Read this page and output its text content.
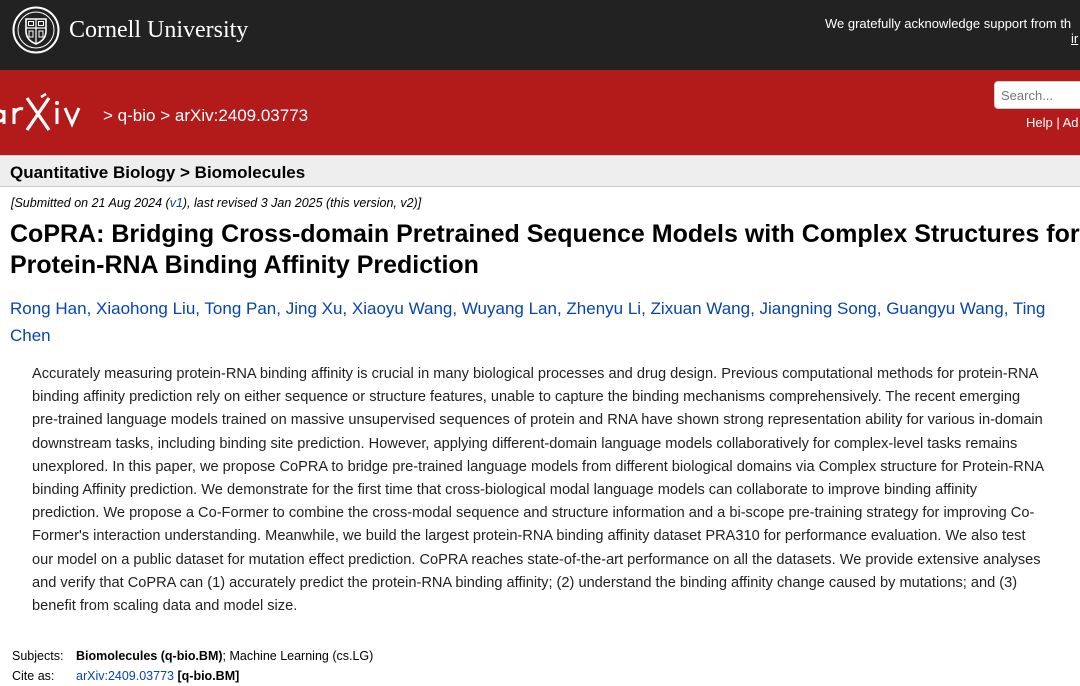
Cornell University	We gratefully acknowledge support from th
ir
> q-bio > arXiv:2409.03773
Search...
Help | Ad
Quantitative Biology > Biomolecules
[Submitted on 21 Aug 2024 (v1), last revised 3 Jan 2025 (this version, v2)]
CoPRA: Bridging Cross-domain Pretrained Sequence Models with Complex Structures for Protein-RNA Binding Affinity Prediction
Rong Han, Xiaohong Liu, Tong Pan, Jing Xu, Xiaoyu Wang, Wuyang Lan, Zhenyu Li, Zixuan Wang, Jiangning Song, Guangyu Wang, Ting Chen
Accurately measuring protein-RNA binding affinity is crucial in many biological processes and drug design. Previous computational methods for protein-RNA binding affinity prediction rely on either sequence or structure features, unable to capture the binding mechanisms comprehensively. The recent emerging pre-trained language models trained on massive unsupervised sequences of protein and RNA have shown strong representation ability for various in-domain downstream tasks, including binding site prediction. However, applying different-domain language models collaboratively for complex-level tasks remains unexplored. In this paper, we propose CoPRA to bridge pre-trained language models from different biological domains via Complex structure for Protein-RNA binding Affinity prediction. We demonstrate for the first time that cross-biological modal language models can collaborate to improve binding affinity prediction. We propose a Co-Former to combine the cross-modal sequence and structure information and a bi-scope pre-training strategy for improving Co-Former's interaction understanding. Meanwhile, we build the largest protein-RNA binding affinity dataset PRA310 for performance evaluation. We also test our model on a public dataset for mutation effect prediction. CoPRA reaches state-of-the-art performance on all the datasets. We provide extensive analyses and verify that CoPRA can (1) accurately predict the protein-RNA binding affinity; (2) understand the binding affinity change caused by mutations; and (3) benefit from scaling data and model size.
Subjects: Biomolecules (q-bio.BM); Machine Learning (cs.LG)
Cite as: arXiv:2409.03773 [q-bio.BM]
